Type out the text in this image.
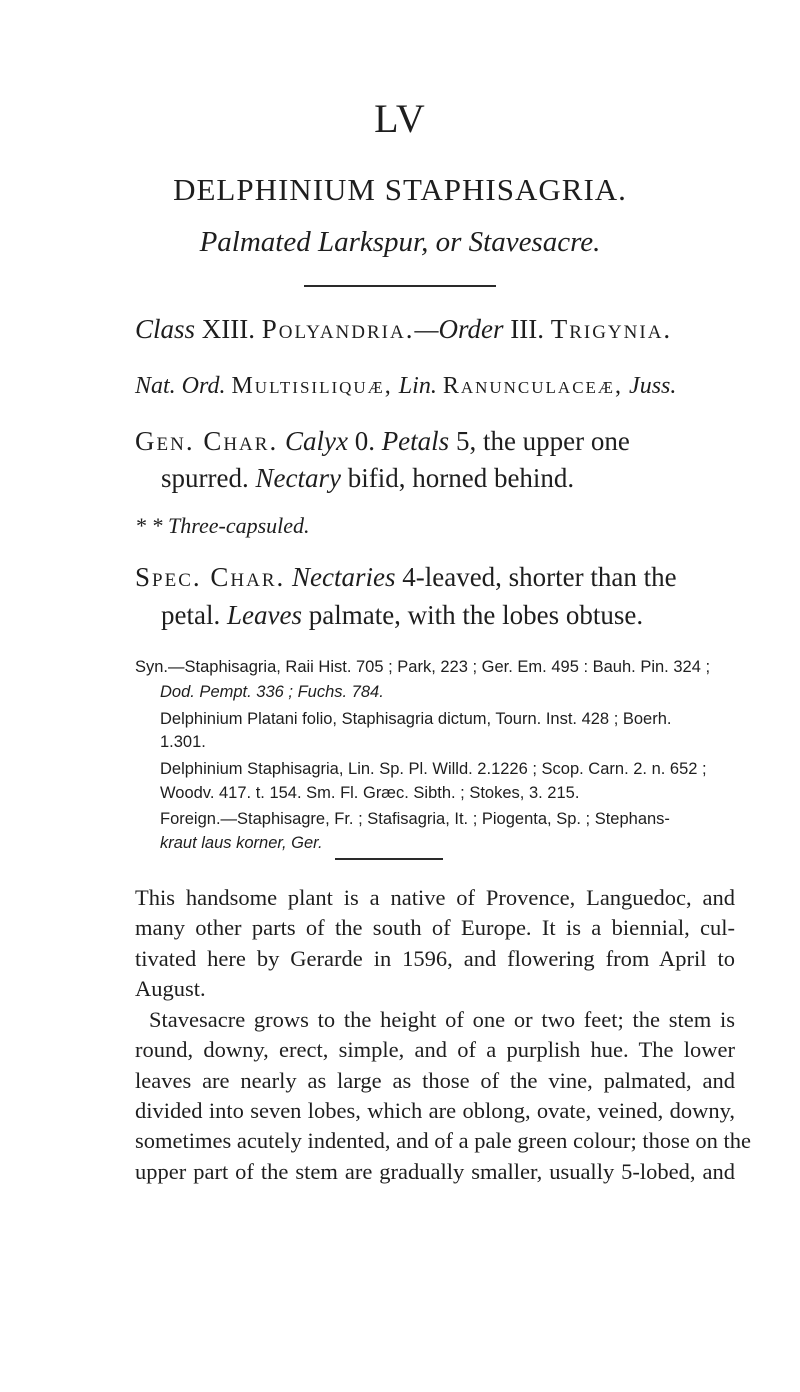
LV
DELPHINIUM STAPHISAGRIA.
Palmated Larkspur, or Stavesacre.
Class XIII. Polyandria.—Order III. Trigynia.
Nat. Ord. Multisiliquæ, Lin. Ranunculaceæ, Juss.
Gen. Char. Calyx 0. Petals 5, the upper one
spurred. Nectary bifid, horned behind.
* * Three-capsuled.
Spec. Char. Nectaries 4-leaved, shorter than the
petal. Leaves palmate, with the lobes obtuse.
Syn.—Staphisagria, Raii Hist. 705 ; Park, 223 ; Ger. Em. 495 : Bauh. Pin. 324 ;
Dod. Pempt. 336 ; Fuchs. 784.
Delphinium Platani folio, Staphisagria dictum, Tourn. Inst. 428 ; Boerh.
1.301.
Delphinium Staphisagria, Lin. Sp. Pl. Willd. 2.1226 ; Scop. Carn. 2. n. 652 ;
Woodv. 417. t. 154. Sm. Fl. Græc. Sibth. ; Stokes, 3. 215.
Foreign.—Staphisagre, Fr. ; Stafisagria, It. ; Piogenta, Sp. ; Stephans-
kraut laus korner, Ger.
This handsome plant is a native of Provence, Languedoc, and
many other parts of the south of Europe. It is a biennial, cul-
tivated here by Gerarde in 1596, and flowering from April to
August.
Stavesacre grows to the height of one or two feet; the stem is
round, downy, erect, simple, and of a purplish hue. The lower
leaves are nearly as large as those of the vine, palmated, and
divided into seven lobes, which are oblong, ovate, veined, downy,
sometimes acutely indented, and of a pale green colour; those on the
upper part of the stem are gradually smaller, usually 5-lobed, and
